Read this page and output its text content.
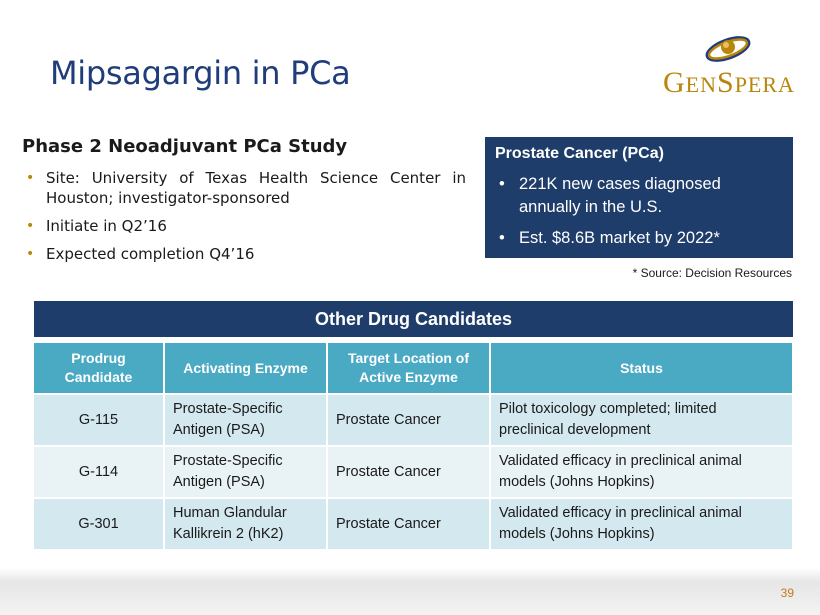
Mipsagargin in PCa	GENSPERA
Phase 2 Neoadjuvant PCa Study
• Site: University of Texas Health Science Center in Houston; investigator-sponsored
• Initiate in Q2’16
• Expected completion Q4’16
Prostate Cancer (PCa)
• 221K new cases diagnosed annually in the U.S.
• Est. $8.6B market by 2022*
* Source: Decision Resources
Other Drug Candidates
Prodrug Candidate	Activating Enzyme	Target Location of Active Enzyme	Status
G-115	Prostate-Specific Antigen (PSA)	Prostate Cancer	Pilot toxicology completed; limited preclinical development
G-114	Prostate-Specific Antigen (PSA)	Prostate Cancer	Validated efficacy in preclinical animal models (Johns Hopkins)
G-301	Human Glandular Kallikrein 2 (hK2)	Prostate Cancer	Validated efficacy in preclinical animal models (Johns Hopkins)
39
